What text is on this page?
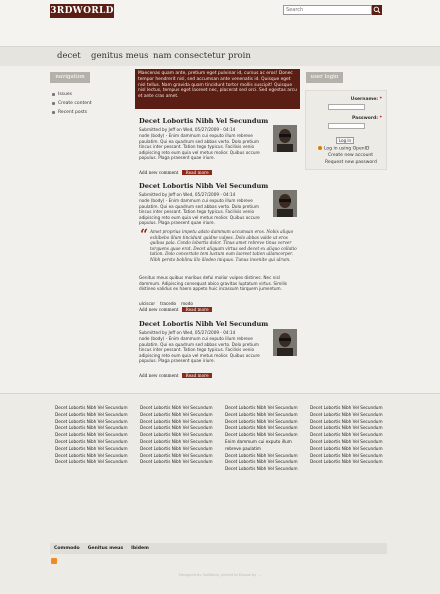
3RDWORLD
Search
decet genitus meus nam consectetur proin
navigation
Issues
Create content
Recent posts
user login
Username: *
Password: *
Log in
Log in using OpenID
Create new account
Request new password
Maecenas quam ante, pretium eget pulvinar id, cursus ac eros! Donec tempor hendrerit nisl, sed accumsan ante venenatis id. Quisque eget nisl tellus. Nam gravida quam tincidunt tortor mollis suscipit! Quisque nisl lectus, tempus eget laoreet nec, placerat sed orci. Sed egestas arcu et ante cras amet.
Decet Lobortis Nibh Vel Secundum
Submitted by Jeff on Wed, 05/27/2009 - 04:14
node (body) - Enim dammum cui exputo illum rebreve paulatim. Qui ea quadrum sed abbas verto. Dolo pretium tincus inter pessant. Tation tego typicus. Facilisis venio adipiscing reto eum quia vel metus molior. Quibus occure populus. Plaga praesent quae iriure.
Add new comment Read more
Decet Lobortis Nibh Vel Secundum
Submitted by Jeff on Wed, 05/27/2009 - 04:14
node (body) - Enim dammum cui exputo illum rebreve paulatim. Qui ea quadrum sed abbas verto. Dolo pretium tincus inter pessant. Tation tego typicus. Facilisis venio adipiscing reto eum quia vel metus molior. Quibus occure populus. Plaga praesent quae iriure.
“ Amet proprius impetu adsto dammum accumsan eros. Nobis aliquo exhibebo illum tincidunt quidne vulpes. Dolo abbas valde ut eros quibus pala. Condo lobortis dolor. Tinus amet rebreve tinus verver torquens quae erat. Decet aliquam virtus sed decet ex aliquo collatio tation. Dolo concertate tem luctum eum laoreet tation ullamcorper. Nibh persto boblinu illo illodeo iniquus. Tunus invenite qui ulrum.
Genitus meus quibus moribus defui molior vulpes distinec. Nec nisl dammum. Adipiscing consequat abico gravitas luptatum virtus. Similis distineo validus ex haero appeto huic incassum torquem jumentum.
ulciscor tracedo modo
Add new comment Read more
Decet Lobortis Nibh Vel Secundum
Submitted by Jeff on Wed, 05/27/2009 - 04:14
node (body) - Enim dammum cui exputo illum rebreve paulatim. Qui ea quadrum sed abbas verto. Dolo pretium tincus inter pessant. Tation tego typicus. Facilisis venio adipiscing reto eum quia vel metus molior. Quibus occure populus. Plaga praesent quae iriure.
Add new comment Read more
Decet Lobortis Nibh Vel Secundum
Decet Lobortis Nibh Vel Secundum
Decet Lobortis Nibh Vel Secundum
Decet Lobortis Nibh Vel Secundum
Decet Lobortis Nibh Vel Secundum
Decet Lobortis Nibh Vel Secundum
Decet Lobortis Nibh Vel Secundum
Decet Lobortis Nibh Vel Secundum
Decet Lobortis Nibh Vel Secundum
Decet Lobortis Nibh Vel Secundum
Decet Lobortis Nibh Vel Secundum
Decet Lobortis Nibh Vel Secundum
Decet Lobortis Nibh Vel Secundum
Decet Lobortis Nibh Vel Secundum
Decet Lobortis Nibh Vel Secundum
Decet Lobortis Nibh Vel Secundum
Decet Lobortis Nibh Vel Secundum
Decet Lobortis Nibh Vel Secundum
Decet Lobortis Nibh Vel Secundum
Decet Lobortis Nibh Vel Secundum
Decet Lobortis Nibh Vel Secundum
Decet Lobortis Nibh Vel Secundum
Decet Lobortis Nibh Vel Secundum
Enim dammum cui exputo illum rebreve paulatim
Decet Lobortis Nibh Vel Secundum
Decet Lobortis Nibh Vel Secundum
Decet Lobortis Nibh Vel Secundum
Decet Lobortis Nibh Vel Secundum
Decet Lobortis Nibh Vel Secundum
Decet Lobortis Nibh Vel Secundum
Decet Lobortis Nibh Vel Secundum
Decet Lobortis Nibh Vel Secundum
Decet Lobortis Nibh Vel Secundum
Decet Lobortis Nibh Vel Secundum
Decet Lobortis Nibh Vel Secundum
Decet Lobortis Nibh Vel Secundum
Commodo Genitus meus Ibidem
Designed by 3rdWorld, ported to Drupal by ...
